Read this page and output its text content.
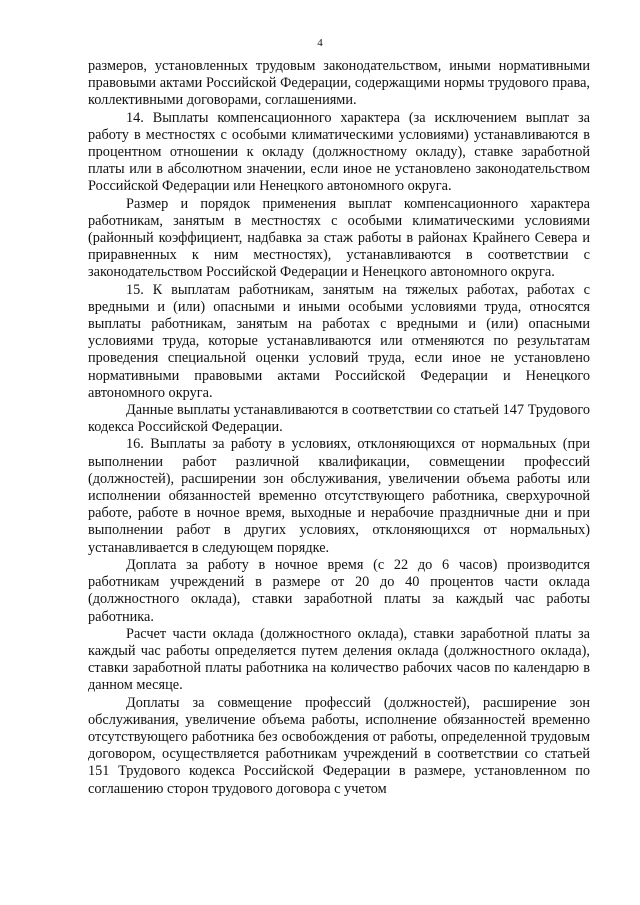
4

размеров, установленных трудовым законодательством, иными нормативными правовыми актами Российской Федерации, содержащими нормы трудового права, коллективными договорами, соглашениями.

14. Выплаты компенсационного характера (за исключением выплат за работу в местностях с особыми климатическими условиями) устанавливаются в процентном отношении к окладу (должностному окладу), ставке заработной платы или в абсолютном значении, если иное не установлено законодательством Российской Федерации или Ненецкого автономного округа.

Размер и порядок применения выплат компенсационного характера работникам, занятым в местностях с особыми климатическими условиями (районный коэффициент, надбавка за стаж работы в районах Крайнего Севера и приравненных к ним местностях), устанавливаются в соответствии с законодательством Российской Федерации и Ненецкого автономного округа.

15. К выплатам работникам, занятым на тяжелых работах, работах с вредными и (или) опасными и иными особыми условиями труда, относятся выплаты работникам, занятым на работах с вредными и (или) опасными условиями труда, которые устанавливаются или отменяются по результатам проведения специальной оценки условий труда, если иное не установлено нормативными правовыми актами Российской Федерации и Ненецкого автономного округа.

Данные выплаты устанавливаются в соответствии со статьей 147 Трудового кодекса Российской Федерации.

16. Выплаты за работу в условиях, отклоняющихся от нормальных (при выполнении работ различной квалификации, совмещении профессий (должностей), расширении зон обслуживания, увеличении объема работы или исполнении обязанностей временно отсутствующего работника, сверхурочной работе, работе в ночное время, выходные и нерабочие праздничные дни и при выполнении работ в других условиях, отклоняющихся от нормальных) устанавливается в следующем порядке.

Доплата за работу в ночное время (с 22 до 6 часов) производится работникам учреждений в размере от 20 до 40 процентов части оклада (должностного оклада), ставки заработной платы за каждый час работы работника.

Расчет части оклада (должностного оклада), ставки заработной платы за каждый час работы определяется путем деления оклада (должностного оклада), ставки заработной платы работника на количество рабочих часов по календарю в данном месяце.

Доплаты за совмещение профессий (должностей), расширение зон обслуживания, увеличение объема работы, исполнение обязанностей временно отсутствующего работника без освобождения от работы, определенной трудовым договором, осуществляется работникам учреждений в соответствии со статьей 151 Трудового кодекса Российской Федерации в размере, установленном по соглашению сторон трудового договора с учетом
